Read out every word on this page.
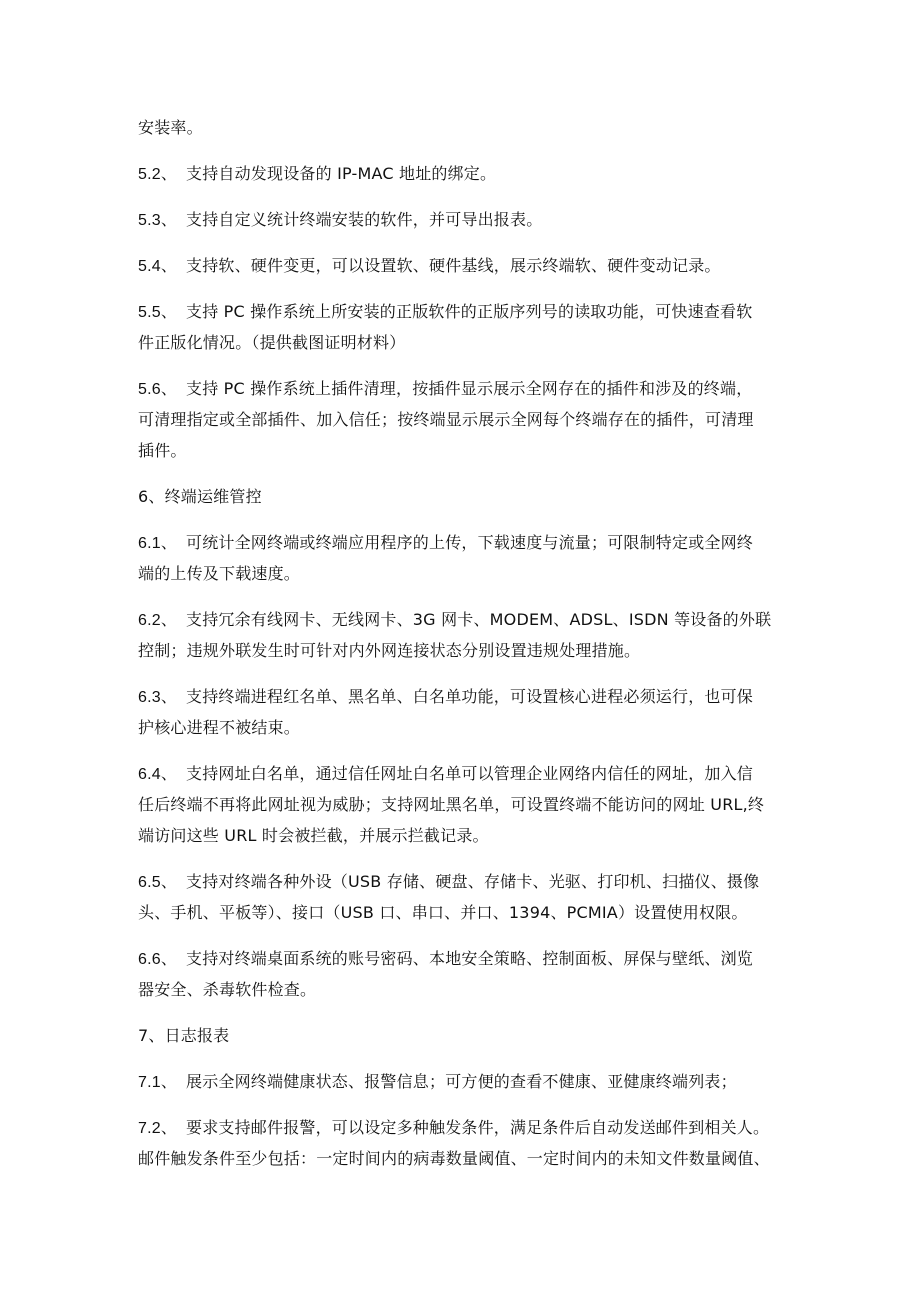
安装率。
5.2、 支持自动发现设备的 IP-MAC 地址的绑定。
5.3、 支持自定义统计终端安装的软件，并可导出报表。
5.4、 支持软、硬件变更，可以设置软、硬件基线，展示终端软、硬件变动记录。
5.5、 支持 PC 操作系统上所安装的正版软件的正版序列号的读取功能，可快速查看软
件正版化情况。（提供截图证明材料）
5.6、 支持 PC 操作系统上插件清理，按插件显示展示全网存在的插件和涉及的终端，
可清理指定或全部插件、加入信任；按终端显示展示全网每个终端存在的插件，可清理
插件。
6、终端运维管控
6.1、 可统计全网终端或终端应用程序的上传，下载速度与流量；可限制特定或全网终
端的上传及下载速度。
6.2、 支持冗余有线网卡、无线网卡、3G 网卡、MODEM、ADSL、ISDN 等设备的外联
控制；违规外联发生时可针对内外网连接状态分别设置违规处理措施。
6.3、 支持终端进程红名单、黑名单、白名单功能，可设置核心进程必须运行，也可保
护核心进程不被结束。
6.4、 支持网址白名单，通过信任网址白名单可以管理企业网络内信任的网址，加入信
任后终端不再将此网址视为威胁；支持网址黑名单，可设置终端不能访问的网址 URL,终
端访问这些 URL 时会被拦截，并展示拦截记录。
6.5、 支持对终端各种外设（USB 存储、硬盘、存储卡、光驱、打印机、扫描仪、摄像
头、手机、平板等）、接口（USB 口、串口、并口、1394、PCMIA）设置使用权限。
6.6、 支持对终端桌面系统的账号密码、本地安全策略、控制面板、屏保与壁纸、浏览
器安全、杀毒软件检查。
7、日志报表
7.1、 展示全网终端健康状态、报警信息；可方便的查看不健康、亚健康终端列表；
7.2、 要求支持邮件报警，可以设定多种触发条件，满足条件后自动发送邮件到相关人。
邮件触发条件至少包括：一定时间内的病毒数量阈值、一定时间内的未知文件数量阈值、
